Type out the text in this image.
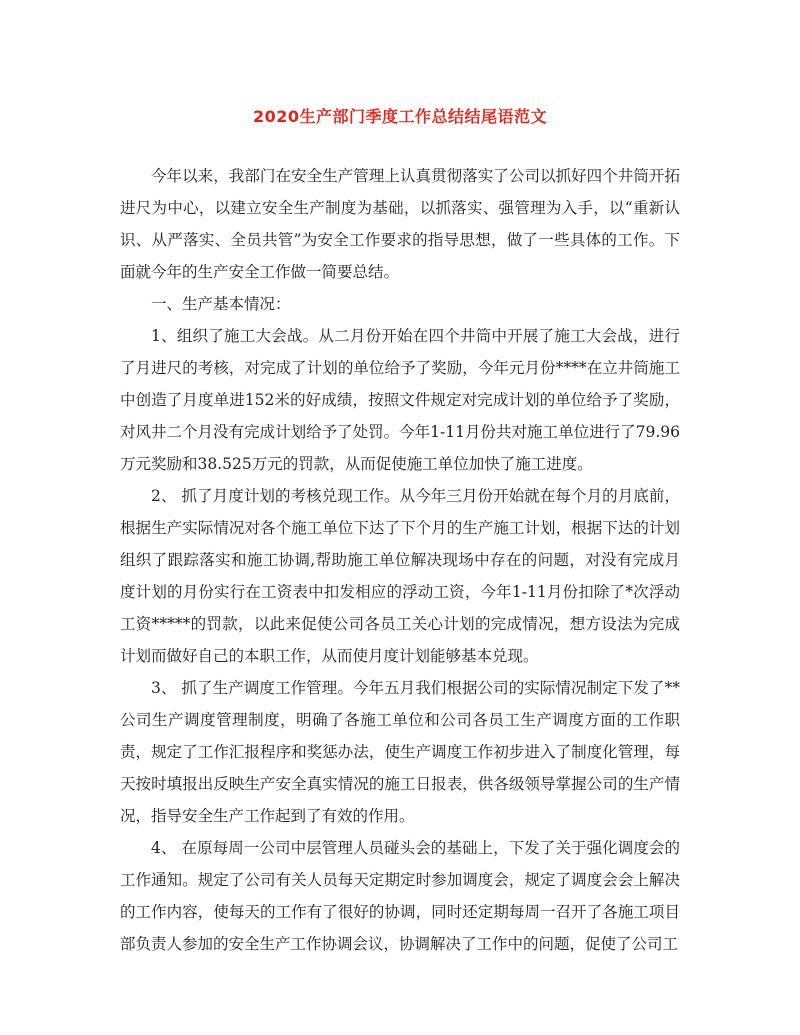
2020生产部门季度工作总结结尾语范文

今年以来，我部门在安全生产管理上认真贯彻落实了公司以抓好四个井筒开拓进尺为中心，以建立安全生产制度为基础，以抓落实、强管理为入手，以“重新认识、从严落实、全员共管”为安全工作要求的指导思想，做了一些具体的工作。下面就今年的生产安全工作做一简要总结。

一、生产基本情况：

1、组织了施工大会战。从二月份开始在四个井筒中开展了施工大会战，进行了月进尺的考核，对完成了计划的单位给予了奖励，今年元月份****在立井筒施工中创造了月度单进152米的好成绩，按照文件规定对完成计划的单位给予了奖励，对风井二个月没有完成计划给予了处罚。今年1-11月份共对施工单位进行了79.96万元奖励和38.525万元的罚款，从而促使施工单位加快了施工进度。

2、 抓了月度计划的考核兑现工作。从今年三月份开始就在每个月的月底前，根据生产实际情况对各个施工单位下达了下个月的生产施工计划，根据下达的计划组织了跟踪落实和施工协调,帮助施工单位解决现场中存在的问题，对没有完成月度计划的月份实行在工资表中扣发相应的浮动工资，今年1-11月份扣除了*次浮动工资*****的罚款，以此来促使公司各员工关心计划的完成情况，想方设法为完成计划而做好自己的本职工作，从而使月度计划能够基本兑现。

3、 抓了生产调度工作管理。今年五月我们根据公司的实际情况制定下发了**公司生产调度管理制度，明确了各施工单位和公司各员工生产调度方面的工作职责，规定了工作汇报程序和奖惩办法，使生产调度工作初步进入了制度化管理，每天按时填报出反映生产安全真实情况的施工日报表，供各级领导掌握公司的生产情况，指导安全生产工作起到了有效的作用。

4、 在原每周一公司中层管理人员碰头会的基础上，下发了关于强化调度会的工作通知。规定了公司有关人员每天定期定时参加调度会，规定了调度会会上解决的工作内容，使每天的工作有了很好的协调，同时还定期每周一召开了各施工项目部负责人参加的安全生产工作协调会议，协调解决了工作中的问题，促使了公司工
